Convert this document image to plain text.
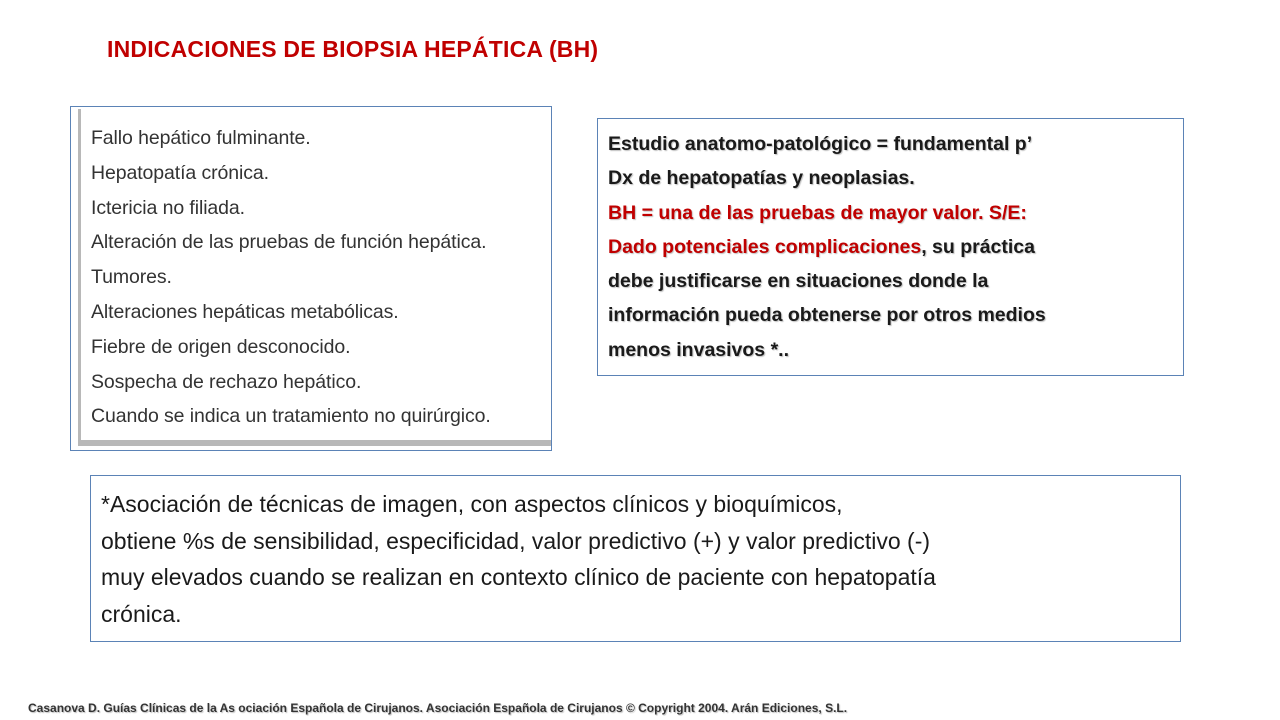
INDICACIONES DE BIOPSIA HEPÁTICA (BH)
Fallo hepático fulminante.
Hepatopatía crónica.
Ictericia no filiada.
Alteración de las pruebas de función hepática.
Tumores.
Alteraciones hepáticas metabólicas.
Fiebre de origen desconocido.
Sospecha de rechazo hepático.
Cuando se indica un tratamiento no quirúrgico.
Estudio anatomo-patológico = fundamental p’
Dx de hepatopatías y neoplasias.
BH = una de las pruebas de mayor valor. S/E:
Dado potenciales complicaciones, su práctica
debe justificarse en situaciones donde la
información pueda obtenerse por otros medios
menos invasivos *..
*Asociación de técnicas de imagen, con aspectos clínicos y bioquímicos,
obtiene %s de sensibilidad, especificidad, valor predictivo (+) y valor predictivo (-)
muy elevados cuando se realizan en contexto clínico de paciente con hepatopatía
crónica.
Casanova D. Guías Clínicas de la As ociación Española de Cirujanos. Asociación Española de Cirujanos © Copyright 2004. Arán Ediciones, S.L.
